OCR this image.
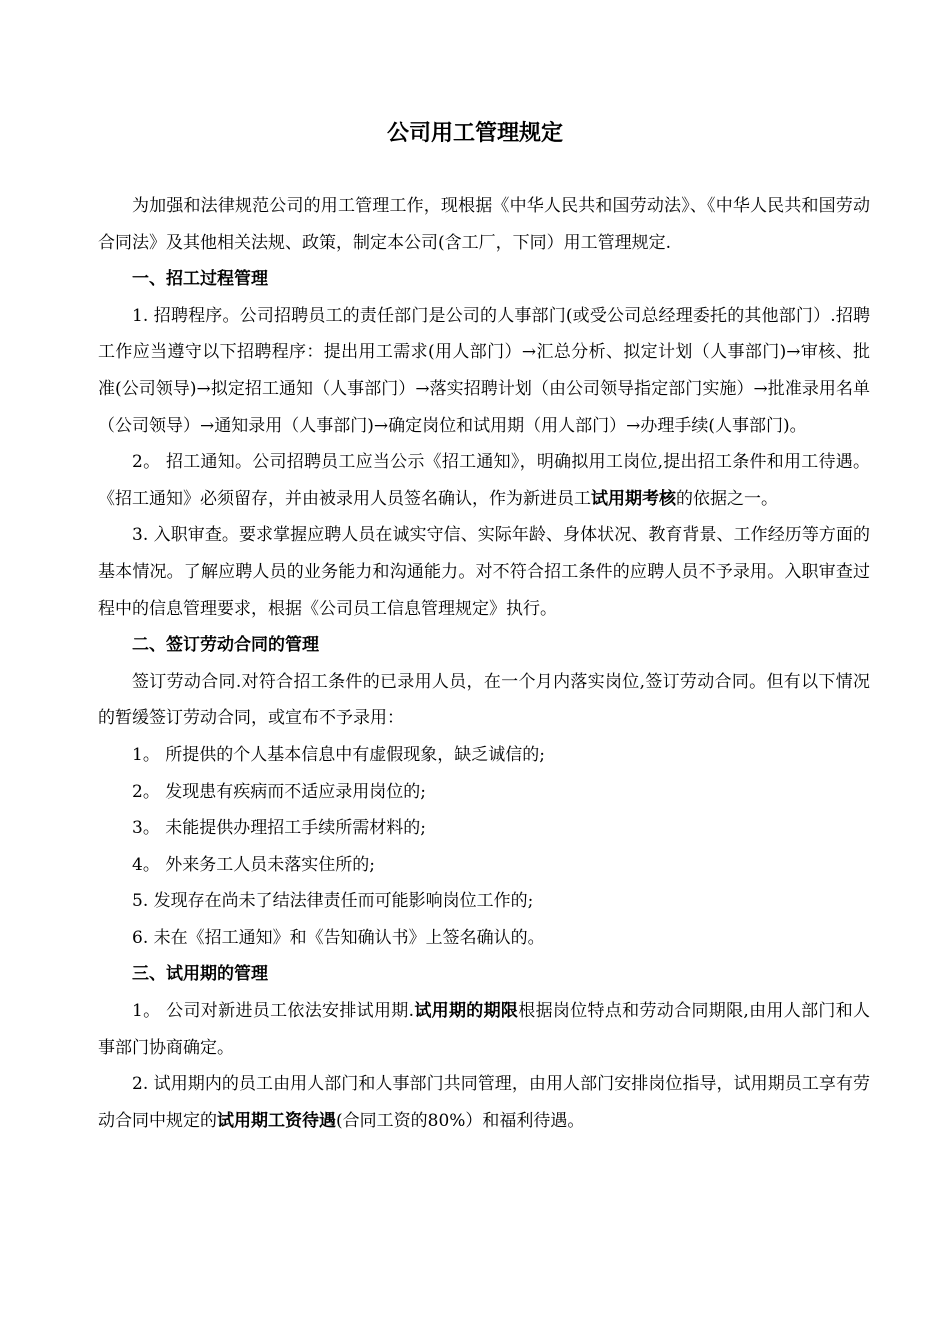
公司用工管理规定

为加强和法律规范公司的用工管理工作，现根据《中华人民共和国劳动法》、《中华人民共和国劳动合同法》及其他相关法规、政策，制定本公司(含工厂，下同）用工管理规定.

一、招工过程管理

1. 招聘程序。公司招聘员工的责任部门是公司的人事部门(或受公司总经理委托的其他部门）.招聘工作应当遵守以下招聘程序：提出用工需求(用人部门）→汇总分析、拟定计划（人事部门)→审核、批准(公司领导)→拟定招工通知（人事部门）→落实招聘计划（由公司领导指定部门实施）→批准录用名单（公司领导）→通知录用（人事部门)→确定岗位和试用期（用人部门）→办理手续(人事部门)。

2。 招工通知。公司招聘员工应当公示《招工通知》，明确拟用工岗位,提出招工条件和用工待遇。《招工通知》必须留存，并由被录用人员签名确认，作为新进员工试用期考核的依据之一。

3. 入职审查。要求掌握应聘人员在诚实守信、实际年龄、身体状况、教育背景、工作经历等方面的基本情况。了解应聘人员的业务能力和沟通能力。对不符合招工条件的应聘人员不予录用。入职审查过程中的信息管理要求，根据《公司员工信息管理规定》执行。

二、签订劳动合同的管理

签订劳动合同.对符合招工条件的已录用人员，在一个月内落实岗位,签订劳动合同。但有以下情况的暂缓签订劳动合同，或宣布不予录用：

1。 所提供的个人基本信息中有虚假现象，缺乏诚信的;

2。 发现患有疾病而不适应录用岗位的;

3。 未能提供办理招工手续所需材料的;

4。 外来务工人员未落实住所的;

5. 发现存在尚未了结法律责任而可能影响岗位工作的;

6. 未在《招工通知》和《告知确认书》上签名确认的。

三、试用期的管理

1。 公司对新进员工依法安排试用期.试用期的期限根据岗位特点和劳动合同期限,由用人部门和人事部门协商确定。

2. 试用期内的员工由用人部门和人事部门共同管理，由用人部门安排岗位指导，试用期员工享有劳动合同中规定的试用期工资待遇(合同工资的80%）和福利待遇。
